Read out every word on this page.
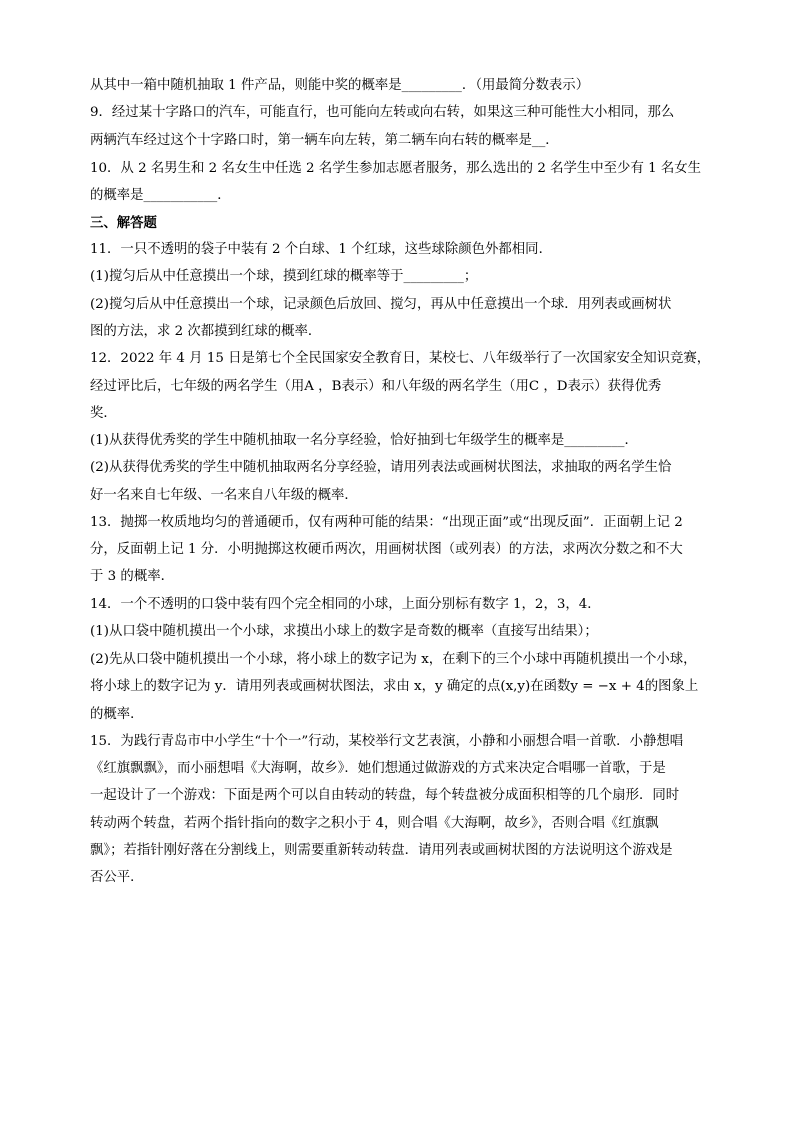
从其中一箱中随机抽取 1 件产品，则能中奖的概率是_________．（用最简分数表示）
9．经过某十字路口的汽车，可能直行，也可能向左转或向右转，如果这三种可能性大小相同，那么
两辆汽车经过这个十字路口时，第一辆车向左转，第二辆车向右转的概率是__．
10．从 2 名男生和 2 名女生中任选 2 名学生参加志愿者服务，那么选出的 2 名学生中至少有 1 名女生
的概率是___________．
三、解答题
11．一只不透明的袋子中装有 2 个白球、1 个红球，这些球除颜色外都相同．
(1)搅匀后从中任意摸出一个球，摸到红球的概率等于_________；
(2)搅匀后从中任意摸出一个球，记录颜色后放回、搅匀，再从中任意摸出一个球．用列表或画树状
图的方法，求 2 次都摸到红球的概率．
12．2022 年 4 月 15 日是第七个全民国家安全教育日，某校七、八年级举行了一次国家安全知识竞赛，
经过评比后，七年级的两名学生（用A ，B表示）和八年级的两名学生（用C ，D表示）获得优秀
奖．
(1)从获得优秀奖的学生中随机抽取一名分享经验，恰好抽到七年级学生的概率是_________．
(2)从获得优秀奖的学生中随机抽取两名分享经验，请用列表法或画树状图法，求抽取的两名学生恰
好一名来自七年级、一名来自八年级的概率．
13．抛掷一枚质地均匀的普通硬币，仅有两种可能的结果：“出现正面”或“出现反面”．正面朝上记 2
分，反面朝上记 1 分．小明抛掷这枚硬币两次，用画树状图（或列表）的方法，求两次分数之和不大
于 3 的概率．
14．一个不透明的口袋中装有四个完全相同的小球，上面分别标有数字 1，2，3，4．
(1)从口袋中随机摸出一个小球，求摸出小球上的数字是奇数的概率（直接写出结果）；
(2)先从口袋中随机摸出一个小球，将小球上的数字记为 x，在剩下的三个小球中再随机摸出一个小球，
将小球上的数字记为 y．请用列表或画树状图法，求由 x，y 确定的点(x,y)在函数y = −x + 4的图象上
的概率．
15．为践行青岛市中小学生“十个一”行动，某校举行文艺表演，小静和小丽想合唱一首歌．小静想唱
《红旗飘飘》，而小丽想唱《大海啊，故乡》．她们想通过做游戏的方式来决定合唱哪一首歌，于是
一起设计了一个游戏：下面是两个可以自由转动的转盘，每个转盘被分成面积相等的几个扇形．同时
转动两个转盘，若两个指针指向的数字之积小于 4，则合唱《大海啊，故乡》，否则合唱《红旗飘
飘》；若指针刚好落在分割线上，则需要重新转动转盘．请用列表或画树状图的方法说明这个游戏是
否公平．
